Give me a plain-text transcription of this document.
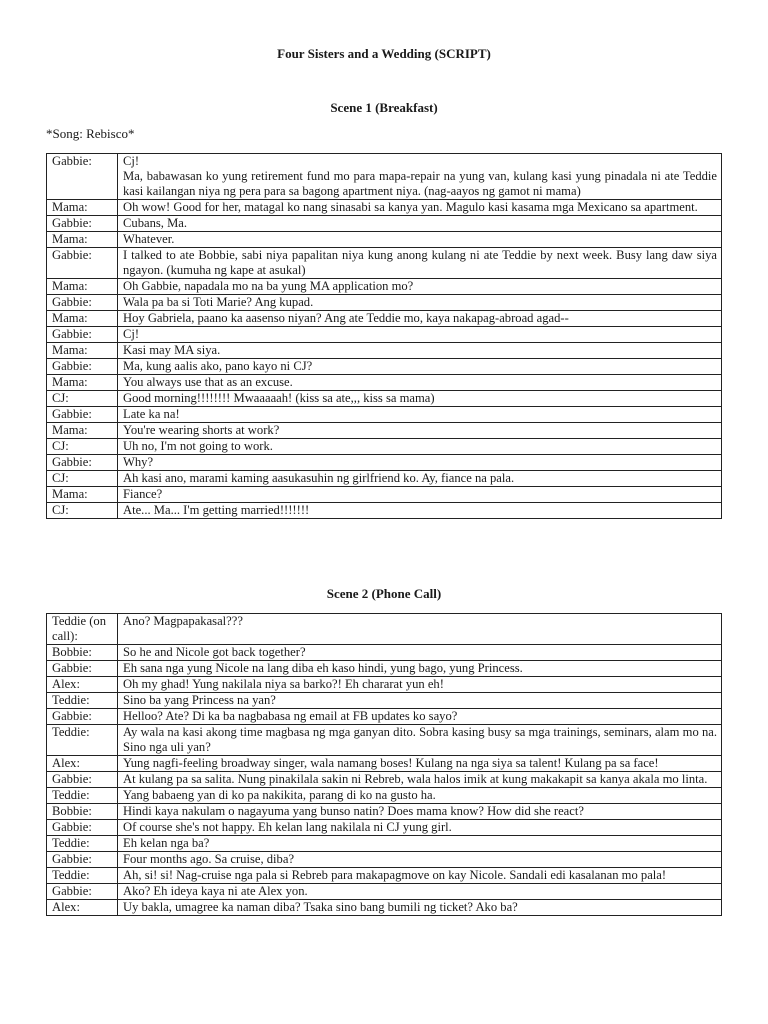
Four Sisters and a Wedding (SCRIPT)
Scene 1 (Breakfast)
*Song: Rebisco*
Gabbie:	Cj!
Ma, babawasan ko yung retirement fund mo para mapa-repair na yung van, kulang kasi yung pinadala ni ate Teddie kasi kailangan niya ng pera para sa bagong apartment niya. (nag-aayos ng gamot ni mama)
Mama:	Oh wow! Good for her, matagal ko nang sinasabi sa kanya yan. Magulo kasi kasama mga Mexicano sa apartment.
Gabbie:	Cubans, Ma.
Mama:	Whatever.
Gabbie:	I talked to ate Bobbie, sabi niya papalitan niya kung anong kulang ni ate Teddie by next week. Busy lang daw siya ngayon. (kumuha ng kape at asukal)
Mama:	Oh Gabbie, napadala mo na ba yung MA application mo?
Gabbie:	Wala pa ba si Toti Marie? Ang kupad.
Mama:	Hoy Gabriela, paano ka aasenso niyan? Ang ate Teddie mo, kaya nakapag-abroad agad--
Gabbie:	Cj!
Mama:	Kasi may MA siya.
Gabbie:	Ma, kung aalis ako, pano kayo ni CJ?
Mama:	You always use that as an excuse.
CJ:	Good morning!!!!!!!! Mwaaaaah! (kiss sa ate,,, kiss sa mama)
Gabbie:	Late ka na!
Mama:	You're wearing shorts at work?
CJ:	Uh no, I'm not going to work.
Gabbie:	Why?
CJ:	Ah kasi ano, marami kaming aasukasuhin ng girlfriend ko. Ay, fiance na pala.
Mama:	Fiance?
CJ:	Ate... Ma... I'm getting married!!!!!!!
Scene 2 (Phone Call)
Teddie (on call):	Ano? Magpapakasal???
Bobbie:	So he and Nicole got back together?
Gabbie:	Eh sana nga yung Nicole na lang diba eh kaso hindi, yung bago, yung Princess.
Alex:	Oh my ghad! Yung nakilala niya sa barko?! Eh chararat yun eh!
Teddie:	Sino ba yang Princess na yan?
Gabbie:	Helloo? Ate? Di ka ba nagbabasa ng email at FB updates ko sayo?
Teddie:	Ay wala na kasi akong time magbasa ng mga ganyan dito. Sobra kasing busy sa mga trainings, seminars, alam mo na. Sino nga uli yan?
Alex:	Yung nagfi-feeling broadway singer, wala namang boses! Kulang na nga siya sa talent! Kulang pa sa face!
Gabbie:	At kulang pa sa salita. Nung pinakilala sakin ni Rebreb, wala halos imik at kung makakapit sa kanya akala mo linta.
Teddie:	Yang babaeng yan di ko pa nakikita, parang di ko na gusto ha.
Bobbie:	Hindi kaya nakulam o nagayuma yang bunso natin? Does mama know? How did she react?
Gabbie:	Of course she's not happy. Eh kelan lang nakilala ni CJ yung girl.
Teddie:	Eh kelan nga ba?
Gabbie:	Four months ago. Sa cruise, diba?
Teddie:	Ah, si! si! Nag-cruise nga pala si Rebreb para makapagmove on kay Nicole. Sandali edi kasalanan mo pala!
Gabbie:	Ako? Eh ideya kaya ni ate Alex yon.
Alex:	Uy bakla, umagree ka naman diba? Tsaka sino bang bumili ng ticket? Ako ba?
